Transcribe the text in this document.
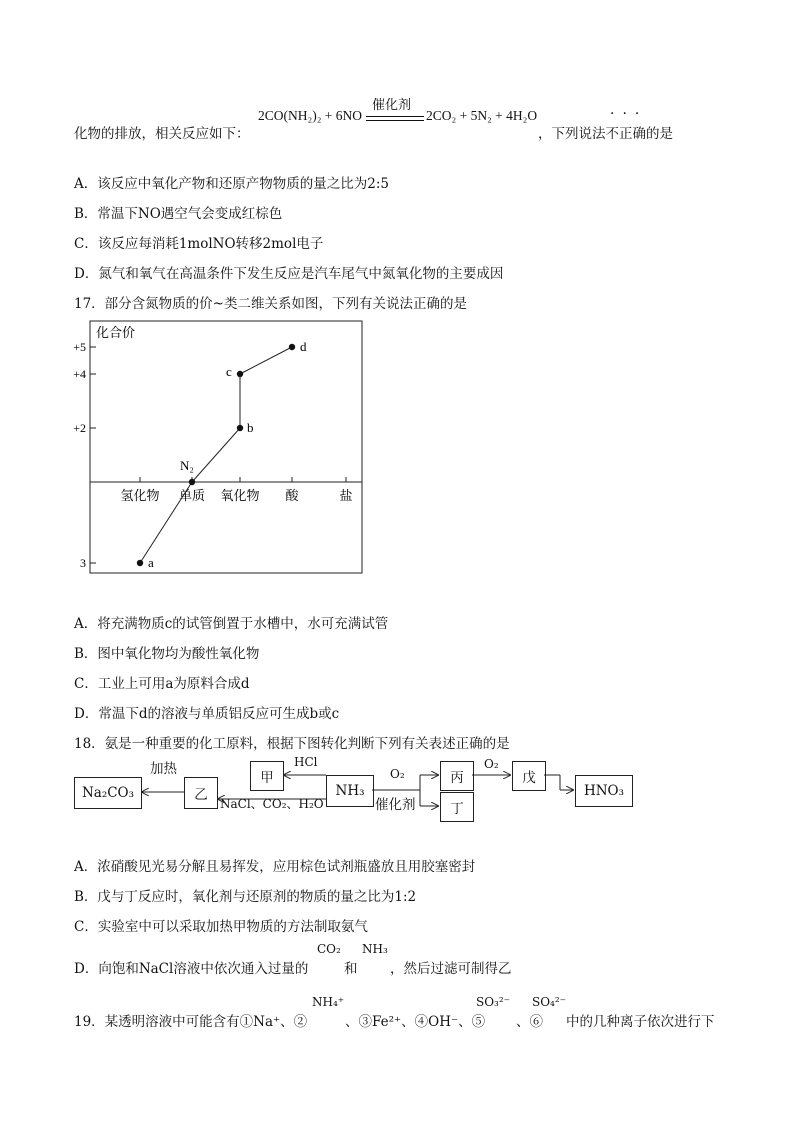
化物的排放，相关反应如下：
2CO(NH₂)₂ + 6NO
催化剂
2CO₂ + 5N₂ + 4H₂O
，下列说法不正确的是
···
A．该反应中氧化产物和还原产物物质的量之比为2:5
B．常温下NO遇空气会变成红棕色
C．该反应每消耗1molNO转移2mol电子
D．氮气和氧气在高温条件下发生反应是汽车尾气中氮氧化物的主要成因
17．部分含氮物质的价~类二维关系如图，下列有关说法正确的是
化合价
+5
+4
+2
3
氢化物 单质 氧化物 酸	盐
a
N₂
b
c
d
A．将充满物质c的试管倒置于水槽中，水可充满试管
B．图中氧化物均为酸性氧化物
C．工业上可用a为原料合成d
D．常温下d的溶液与单质铝反应可生成b或c
18．氨是一种重要的化工原料，根据下图转化判断下列有关表述正确的是
Na₂CO₃	乙
甲
NH₃
丙
丁
戊
HNO₃
加热	HCl
NaCl、CO₂、H₂O
O₂
催化剂
O₂
A．浓硝酸见光易分解且易挥发，应用棕色试剂瓶盛放且用胶塞密封
B．戊与丁反应时，氧化剂与还原剂的物质的量之比为1:2
C．实验室中可以采取加热甲物质的方法制取氨气
D．向饱和NaCl溶液中依次通入过量的
CO₂
和
NH₃
，然后过滤可制得乙
19．某透明溶液中可能含有①Na⁺、②
NH₄⁺
、③Fe²⁺、④OH⁻、⑤
SO₃²⁻
、⑥
SO₄²⁻
中的几种离子依次进行下
